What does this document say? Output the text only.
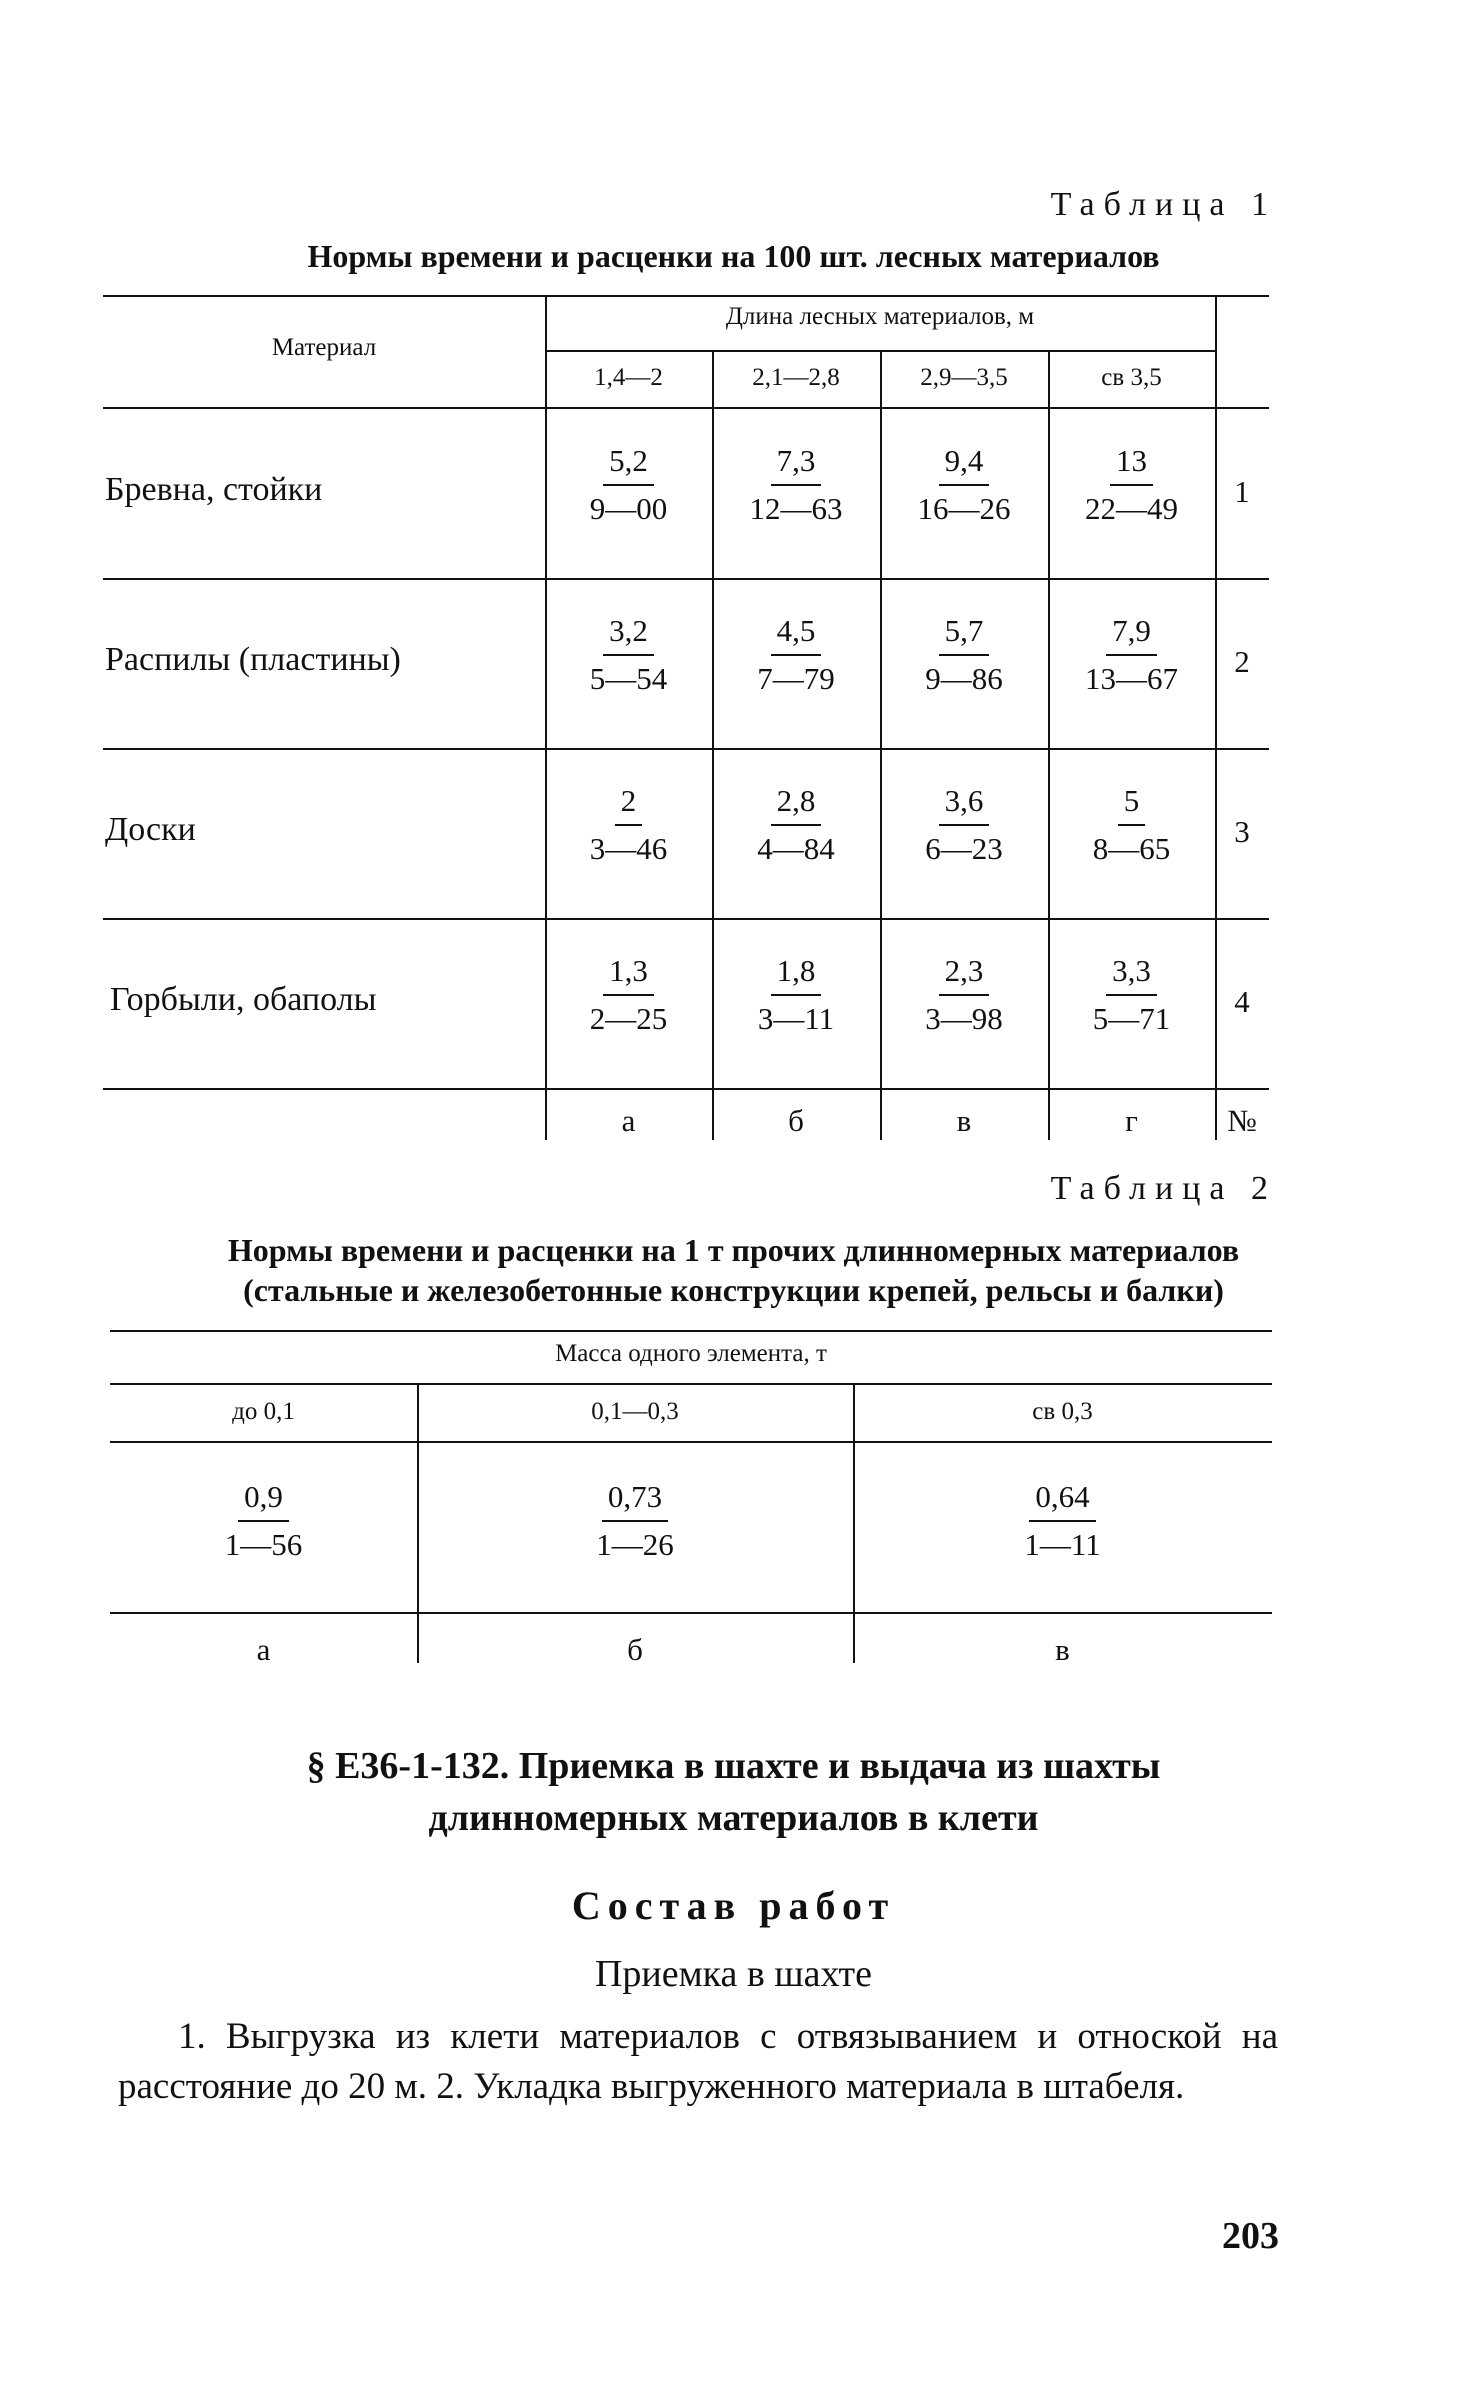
Таблица 1
Нормы времени и расценки на 100 шт. лесных материалов
Материал
Длина лесных материалов, м
1,4—2	2,1—2,8	2,9—3,5	св 3,5
Бревна, стойки	$\frac{5,2}{9—00} \frac{7,3}{12—63} \frac{9,4}{16—26} \frac{13}{22—49} 1$
Распилы (пластины)	$\frac{3,2}{5—54} \frac{4,5}{7—79} \frac{5,7}{9—86} \frac{7,9}{13—67} 2$
Доски	$\frac{2}{3—46} \frac{2,8}{4—84} \frac{3,6}{6—23} \frac{5}{8—65} 3$
Горбыли, обаполы	$\frac{1,3}{2—25} \frac{1,8}{3—11} \frac{2,3}{3—98} \frac{3,3}{5—71} 4$
а	б	в	г	№
Таблица 2
Нормы времени и расценки на 1 т прочих длинномерных материалов
(стальные и железобетонные конструкции крепей, рельсы и балки)
Масса одного элемента, т
до 0,1	0,1—0,3	св 0,3
$\frac{0,9}{1—56} \frac{0,73}{1—26} \frac{0,64}{1—11}$
а	б	в
§ Е36-1-132. Приемка в шахте и выдача из шахты
длинномерных материалов в клети
Состав работ
Приемка в шахте
1. Выгрузка из клети материалов с отвязыванием и отноской на расстояние до 20 м. 2. Укладка выгруженного материала в штабеля.
203
